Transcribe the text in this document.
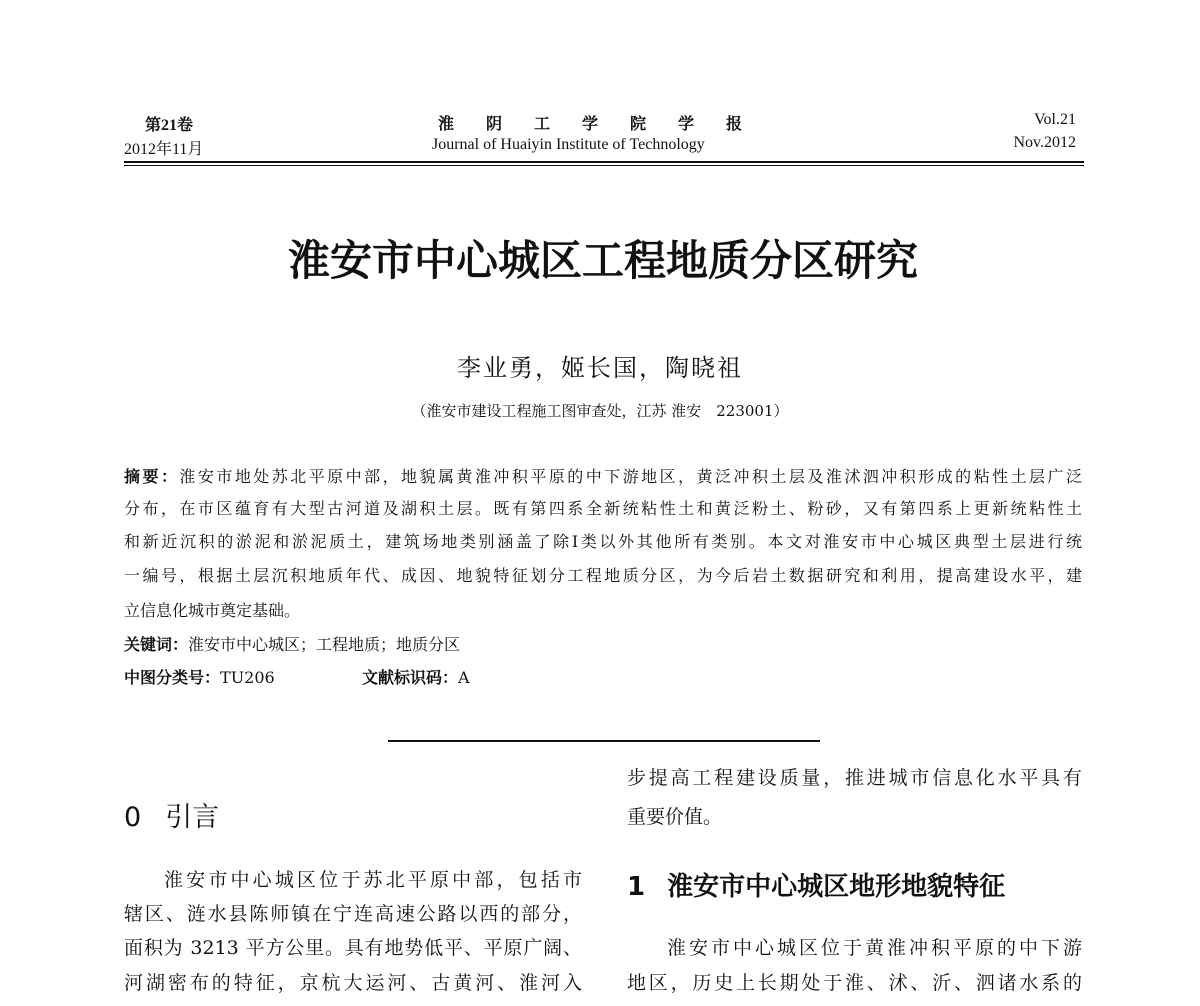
第21卷
2012年11月
淮 阴 工 学 院 学 报
Journal of Huaiyin Institute of Technology
Vol.21
Nov.2012
淮安市中心城区工程地质分区研究
李业勇，姬长国，陶晓祖
（淮安市建设工程施工图审查处，江苏 淮安　223001）
摘要：淮安市地处苏北平原中部，地貌属黄淮冲积平原的中下游地区，黄泛冲积土层及淮沭泗冲积形成的粘性土层广泛
分布，在市区蕴育有大型古河道及湖积土层。既有第四系全新统粘性土和黄泛粉土、粉砂，又有第四系上更新统粘性土
和新近沉积的淤泥和淤泥质土，建筑场地类别涵盖了除Ⅰ类以外其他所有类别。本文对淮安市中心城区典型土层进行统
一编号，根据土层沉积地质年代、成因、地貌特征划分工程地质分区，为今后岩土数据研究和利用，提高建设水平，建
立信息化城市奠定基础。
关键词：淮安市中心城区；工程地质；地质分区
中图分类号：TU206	文献标识码：A
0 引言
淮安市中心城区位于苏北平原中部，包括市
辖区、涟水县陈师镇在宁连高速公路以西的部分，
面积为 3213 平方公里。具有地势低平、平原广阔、
河湖密布的特征，京杭大运河、古黄河、淮河入
步提高工程建设质量，推进城市信息化水平具有
重要价值。
1 淮安市中心城区地形地貌特征
淮安市中心城区位于黄淮冲积平原的中下游
地区，历史上长期处于淮、沭、沂、泗诸水系的
